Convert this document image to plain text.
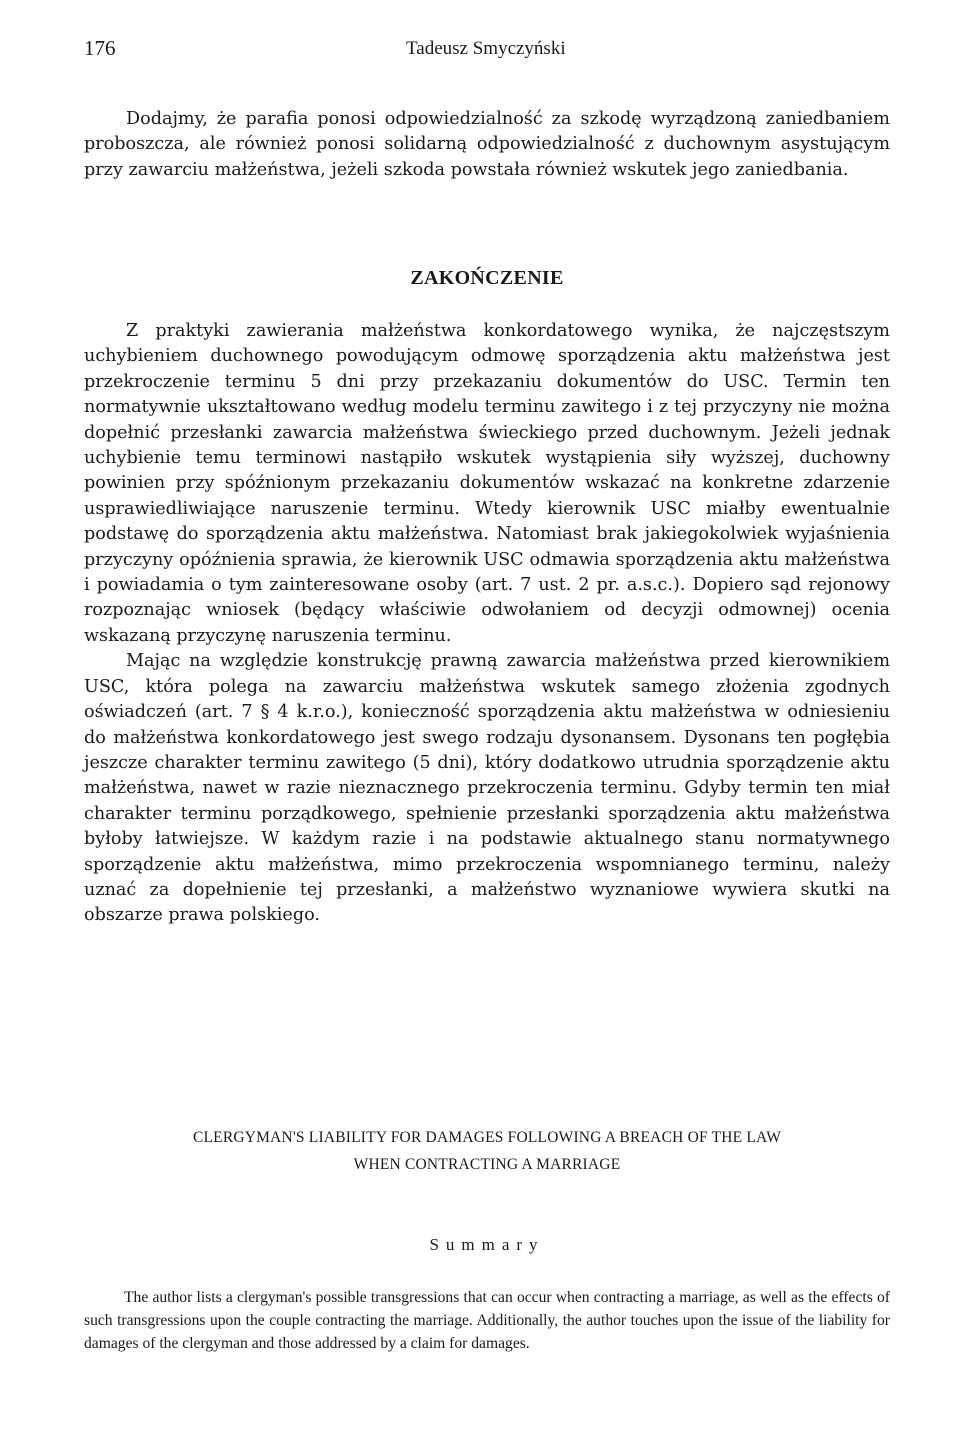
176	Tadeusz Smyczyński

Dodajmy, że parafia ponosi odpowiedzialność za szkodę wyrządzoną zaniedbaniem proboszcza, ale również ponosi solidarną odpowiedzialność z duchownym asystującym przy zawarciu małżeństwa, jeżeli szkoda powstała również wskutek jego zaniedbania.

ZAKOŃCZENIE

Z praktyki zawierania małżeństwa konkordatowego wynika, że najczęstszym uchybieniem duchownego powodującym odmowę sporządzenia aktu małżeństwa jest przekroczenie terminu 5 dni przy przekazaniu dokumentów do USC. Termin ten normatywnie ukształtowano według modelu terminu zawitego i z tej przyczyny nie można dopełnić przesłanki zawarcia małżeństwa świeckiego przed duchownym. Jeżeli jednak uchybienie temu terminowi nastąpiło wskutek wystąpienia siły wyższej, duchowny powinien przy spóźnionym przekazaniu dokumentów wskazać na konkretne zdarzenie usprawiedliwiające naruszenie terminu. Wtedy kierownik USC miałby ewentualnie podstawę do sporządzenia aktu małżeństwa. Natomiast brak jakiegokolwiek wyjaśnienia przyczyny opóźnienia sprawia, że kierownik USC odmawia sporządzenia aktu małżeństwa i powiadamia o tym zainteresowane osoby (art. 7 ust. 2 pr. a.s.c.). Dopiero sąd rejonowy rozpoznając wniosek (będący właściwie odwołaniem od decyzji odmownej) ocenia wskazaną przyczynę naruszenia terminu.

Mając na względzie konstrukcję prawną zawarcia małżeństwa przed kierownikiem USC, która polega na zawarciu małżeństwa wskutek samego złożenia zgodnych oświadczeń (art. 7 § 4 k.r.o.), konieczność sporządzenia aktu małżeństwa w odniesieniu do małżeństwa konkordatowego jest swego rodzaju dysonansem. Dysonans ten pogłębia jeszcze charakter terminu zawitego (5 dni), który dodatkowo utrudnia sporządzenie aktu małżeństwa, nawet w razie nieznacznego przekroczenia terminu. Gdyby termin ten miał charakter terminu porządkowego, spełnienie przesłanki sporządzenia aktu małżeństwa byłoby łatwiejsze. W każdym razie i na podstawie aktualnego stanu normatywnego sporządzenie aktu małżeństwa, mimo przekroczenia wspomnianego terminu, należy uznać za dopełnienie tej przesłanki, a małżeństwo wyznaniowe wywiera skutki na obszarze prawa polskiego.

CLERGYMAN'S LIABILITY FOR DAMAGES FOLLOWING A BREACH OF THE LAW
WHEN CONTRACTING A MARRIAGE
Summary

The author lists a clergyman's possible transgressions that can occur when contracting a marriage, as well as the effects of such transgressions upon the couple contracting the marriage. Additionally, the author touches upon the issue of the liability for damages of the clergyman and those addressed by a claim for damages.
